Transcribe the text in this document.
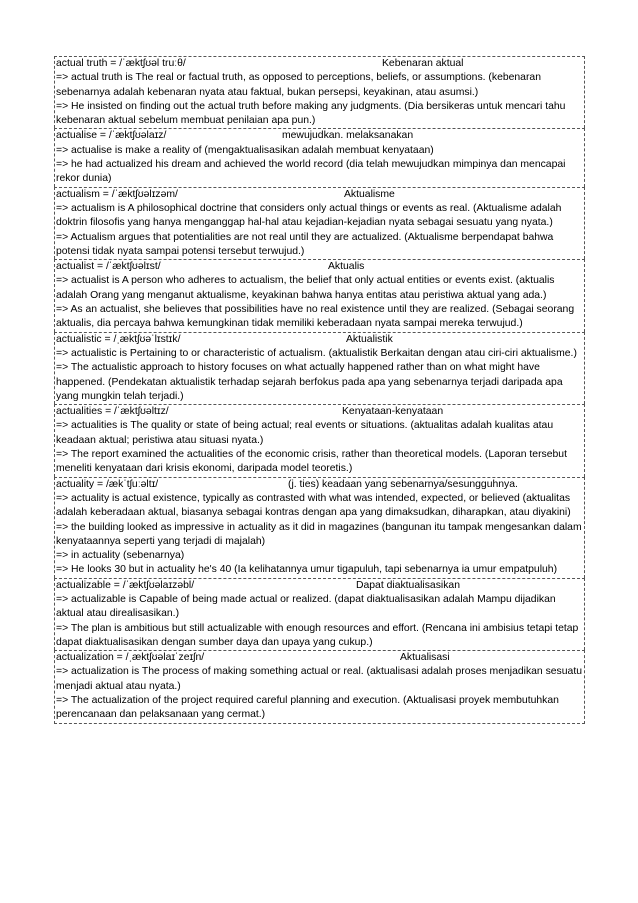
actual truth = /ˈæktʃʊəl truːθ/	Kebenaran aktual

=> actual truth is The real or factual truth, as opposed to perceptions, beliefs, or assumptions. (kebenaran sebenarnya adalah kebenaran nyata atau faktual, bukan persepsi, keyakinan, atau asumsi.)

=> He insisted on finding out the actual truth before making any judgments. (Dia bersikeras untuk mencari tahu kebenaran aktual sebelum membuat penilaian apa pun.)

actualise = /ˈæktʃʊəlaɪz/	mewujudkan. melaksanakan

=> actualise is make a reality of (mengaktualisasikan adalah membuat kenyataan)

=> he had actualized his dream and achieved the world record (dia telah mewujudkan mimpinya dan mencapai rekor dunia)

actualism = /ˈæktʃʊəlɪzəm/	Aktualisme

=> actualism is A philosophical doctrine that considers only actual things or events as real. (Aktualisme adalah doktrin filosofis yang hanya menganggap hal-hal atau kejadian-kejadian nyata sebagai sesuatu yang nyata.)

=> Actualism argues that potentialities are not real until they are actualized. (Aktualisme berpendapat bahwa potensi tidak nyata sampai potensi tersebut terwujud.)

actualist = /ˈæktʃʊəlɪst/	Aktualis

=> actualist is A person who adheres to actualism, the belief that only actual entities or events exist. (aktualis adalah Orang yang menganut aktualisme, keyakinan bahwa hanya entitas atau peristiwa aktual yang ada.)

=> As an actualist, she believes that possibilities have no real existence until they are realized. (Sebagai seorang aktualis, dia percaya bahwa kemungkinan tidak memiliki keberadaan nyata sampai mereka terwujud.)

actualistic = /ˌæktʃʊəˈlɪstɪk/	Aktualistik

=> actualistic is Pertaining to or characteristic of actualism. (aktualistik Berkaitan dengan atau ciri-ciri aktualisme.)

=> The actualistic approach to history focuses on what actually happened rather than on what might have happened. (Pendekatan aktualistik terhadap sejarah berfokus pada apa yang sebenarnya terjadi daripada apa yang mungkin telah terjadi.)

actualities = /ˈæktʃʊəltɪz/	Kenyataan-kenyataan

=> actualities is The quality or state of being actual; real events or situations. (aktualitas adalah kualitas atau keadaan aktual; peristiwa atau situasi nyata.)

=> The report examined the actualities of the economic crisis, rather than theoretical models. (Laporan tersebut meneliti kenyataan dari krisis ekonomi, daripada model teoretis.)

actuality = /ækˈtʃuːəltɪ/	(j. ties) keadaan yang sebenarnya/sesungguhnya.

=> actuality is actual existence, typically as contrasted with what was intended, expected, or believed (aktualitas adalah keberadaan aktual, biasanya sebagai kontras dengan apa yang dimaksudkan, diharapkan, atau diyakini)

=> the building looked as impressive in actuality as it did in magazines (bangunan itu tampak mengesankan dalam kenyataannya seperti yang terjadi di majalah)

=> in actuality (sebenarnya)

=> He looks 30 but in actuality he's 40 (Ia kelihatannya umur tigapuluh, tapi sebenarnya ia umur empatpuluh)

actualizable = /ˈæktʃʊəlaɪzəbl/	Dapat diaktualisasikan

=> actualizable is Capable of being made actual or realized. (dapat diaktualisasikan adalah Mampu dijadikan aktual atau direalisasikan.)

=> The plan is ambitious but still actualizable with enough resources and effort. (Rencana ini ambisius tetapi tetap dapat diaktualisasikan dengan sumber daya dan upaya yang cukup.)

actualization = /ˌæktʃʊəlaɪˈzeɪʃn/	Aktualisasi

=> actualization is The process of making something actual or real. (aktualisasi adalah proses menjadikan sesuatu menjadi aktual atau nyata.)

=> The actualization of the project required careful planning and execution. (Aktualisasi proyek membutuhkan perencanaan dan pelaksanaan yang cermat.)
